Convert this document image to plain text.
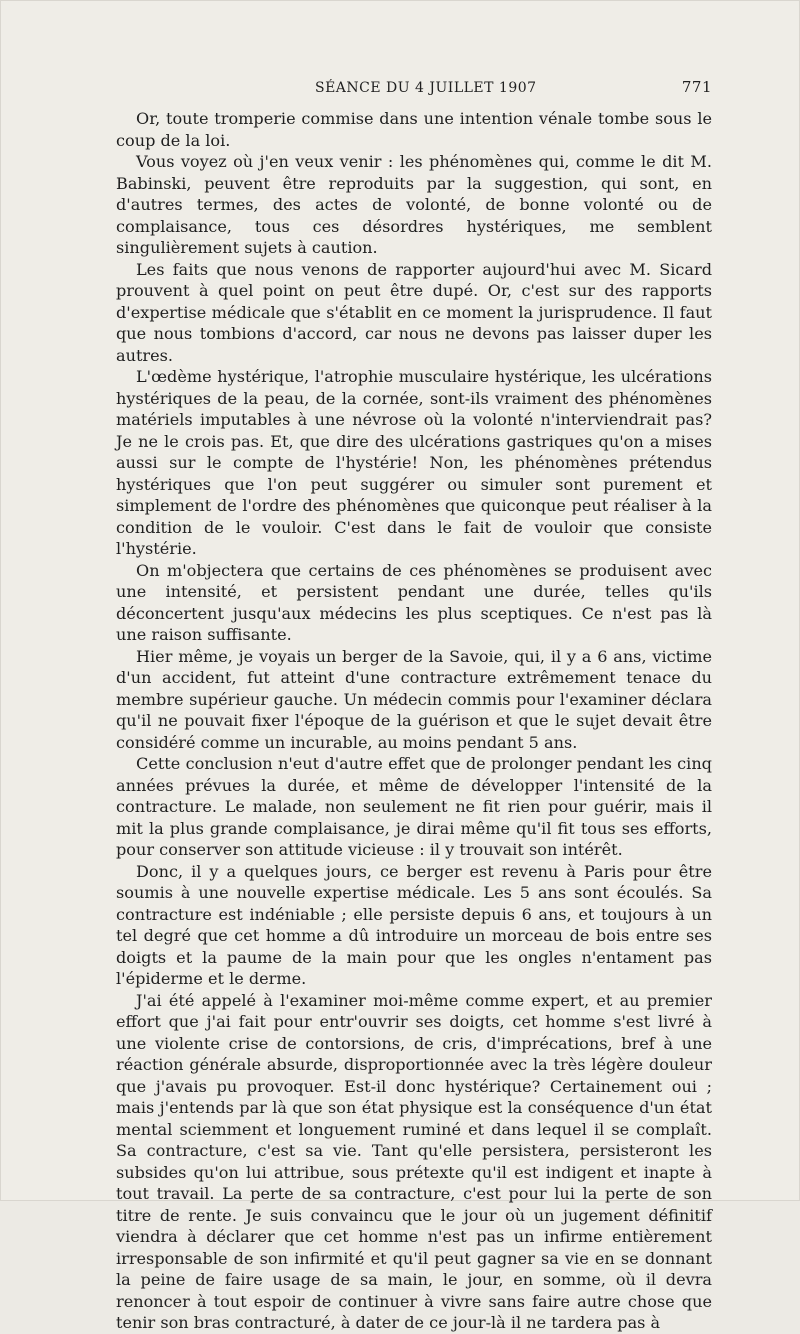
SÉANCE DU 4 JUILLET 1907	771

Or, toute tromperie commise dans une intention vénale tombe sous le coup de la loi.

Vous voyez où j'en veux venir : les phénomènes qui, comme le dit M. Babinski, peuvent être reproduits par la suggestion, qui sont, en d'autres termes, des actes de volonté, de bonne volonté ou de complaisance, tous ces désordres hystériques, me semblent singulièrement sujets à caution.

Les faits que nous venons de rapporter aujourd'hui avec M. Sicard prouvent à quel point on peut être dupé. Or, c'est sur des rapports d'expertise médicale que s'établit en ce moment la jurisprudence. Il faut que nous tombions d'accord, car nous ne devons pas laisser duper les autres.

L'œdème hystérique, l'atrophie musculaire hystérique, les ulcérations hystériques de la peau, de la cornée, sont-ils vraiment des phénomènes matériels imputables à une névrose où la volonté n'interviendrait pas? Je ne le crois pas. Et, que dire des ulcérations gastriques qu'on a mises aussi sur le compte de l'hystérie! Non, les phénomènes prétendus hystériques que l'on peut suggérer ou simuler sont purement et simplement de l'ordre des phénomènes que quiconque peut réaliser à la condition de le vouloir. C'est dans le fait de vouloir que consiste l'hystérie.

On m'objectera que certains de ces phénomènes se produisent avec une intensité, et persistent pendant une durée, telles qu'ils déconcertent jusqu'aux médecins les plus sceptiques. Ce n'est pas là une raison suffisante.

Hier même, je voyais un berger de la Savoie, qui, il y a 6 ans, victime d'un accident, fut atteint d'une contracture extrêmement tenace du membre supérieur gauche. Un médecin commis pour l'examiner déclara qu'il ne pouvait fixer l'époque de la guérison et que le sujet devait être considéré comme un incurable, au moins pendant 5 ans.

Cette conclusion n'eut d'autre effet que de prolonger pendant les cinq années prévues la durée, et même de développer l'intensité de la contracture. Le malade, non seulement ne fit rien pour guérir, mais il mit la plus grande complaisance, je dirai même qu'il fit tous ses efforts, pour conserver son attitude vicieuse : il y trouvait son intérêt.

Donc, il y a quelques jours, ce berger est revenu à Paris pour être soumis à une nouvelle expertise médicale. Les 5 ans sont écoulés. Sa contracture est indéniable ; elle persiste depuis 6 ans, et toujours à un tel degré que cet homme a dû introduire un morceau de bois entre ses doigts et la paume de la main pour que les ongles n'entament pas l'épiderme et le derme.

J'ai été appelé à l'examiner moi-même comme expert, et au premier effort que j'ai fait pour entr'ouvrir ses doigts, cet homme s'est livré à une violente crise de contorsions, de cris, d'imprécations, bref à une réaction générale absurde, disproportionnée avec la très légère douleur que j'avais pu provoquer. Est-il donc hystérique? Certainement oui ; mais j'entends par là que son état physique est la conséquence d'un état mental sciemment et longuement ruminé et dans lequel il se complaît. Sa contracture, c'est sa vie. Tant qu'elle persistera, persisteront les subsides qu'on lui attribue, sous prétexte qu'il est indigent et inapte à tout travail. La perte de sa contracture, c'est pour lui la perte de son titre de rente. Je suis convaincu que le jour où un jugement définitif viendra à déclarer que cet homme n'est pas un infirme entièrement irresponsable de son infirmité et qu'il peut gagner sa vie en se donnant la peine de faire usage de sa main, le jour, en somme, où il devra renoncer à tout espoir de continuer à vivre sans faire autre chose que tenir son bras contracturé, à dater de ce jour-là il ne tardera pas à
